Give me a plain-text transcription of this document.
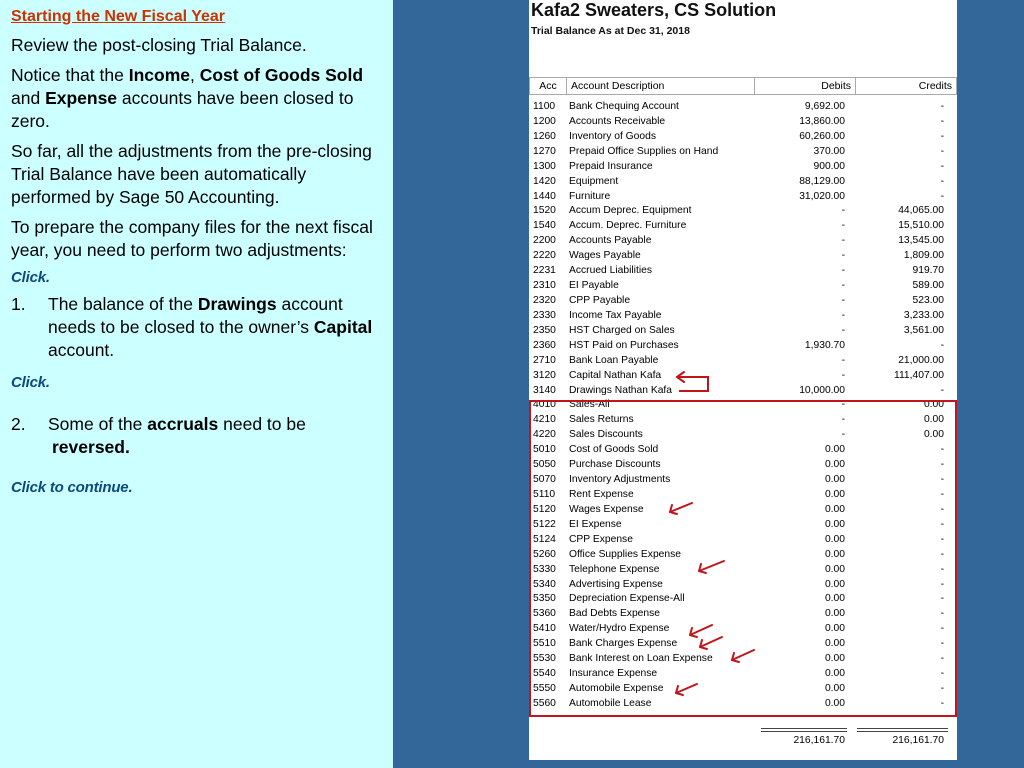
Starting the New Fiscal Year

Review the post-closing Trial Balance.

Notice that the Income, Cost of Goods Sold and Expense accounts have been closed to zero.

So far, all the adjustments from the pre-closing Trial Balance have been automatically performed by Sage 50 Accounting.

To prepare the company files for the next fiscal year, you need to perform two adjustments:

Click.
1. The balance of the Drawings account needs to be closed to the owner’s Capital account.
Click.
2. Some of the accruals need to be
reversed.
Click to continue.
Kafa2 Sweaters, CS Solution
Trial Balance As at Dec 31, 2018
Acc	Account Description	Debits	Credits
1100 Bank Chequing Account	9,692.00	-
1200 Accounts Receivable	13,860.00	-
1260 Inventory of Goods	60,260.00	-
1270 Prepaid Office Supplies on Hand	370.00	-
1300 Prepaid Insurance	900.00	-
1420 Equipment	88,129.00	-
1440 Furniture	31,020.00	-
1520 Accum Deprec. Equipment	-	44,065.00
1540 Accum. Deprec. Furniture	-	15,510.00
2200 Accounts Payable	-	13,545.00
2220 Wages Payable	-	1,809.00
2231 Accrued Liabilities	-	919.70
2310 EI Payable	-	589.00
2320 CPP Payable	-	523.00
2330 Income Tax Payable	-	3,233.00
2350 HST Charged on Sales	-	3,561.00
2360 HST Paid on Purchases	1,930.70	-
2710 Bank Loan Payable	-	21,000.00
3120 Capital Nathan Kafa	-	111,407.00
3140 Drawings Nathan Kafa	10,000.00	-
4010 Sales-All	-	0.00
4210 Sales Returns	-	0.00
4220 Sales Discounts	-	0.00
5010 Cost of Goods Sold	0.00	-
5050 Purchase Discounts	0.00	-
5070 Inventory Adjustments	0.00	-
5110 Rent Expense	0.00	-
5120 Wages Expense	0.00	-
5122 EI Expense	0.00	-
5124 CPP Expense	0.00	-
5260 Office Supplies Expense	0.00	-
5330 Telephone Expense	0.00	-
5340 Advertising Expense	0.00	-
5350 Depreciation Expense-All	0.00	-
5360 Bad Debts Expense	0.00	-
5410 Water/Hydro Expense	0.00	-
5510 Bank Charges Expense	0.00	-
5530 Bank Interest on Loan Expense	0.00	-
5540 Insurance Expense	0.00	-
5550 Automobile Expense	0.00	-
5560 Automobile Lease	0.00	-
216,161.70	216,161.70
